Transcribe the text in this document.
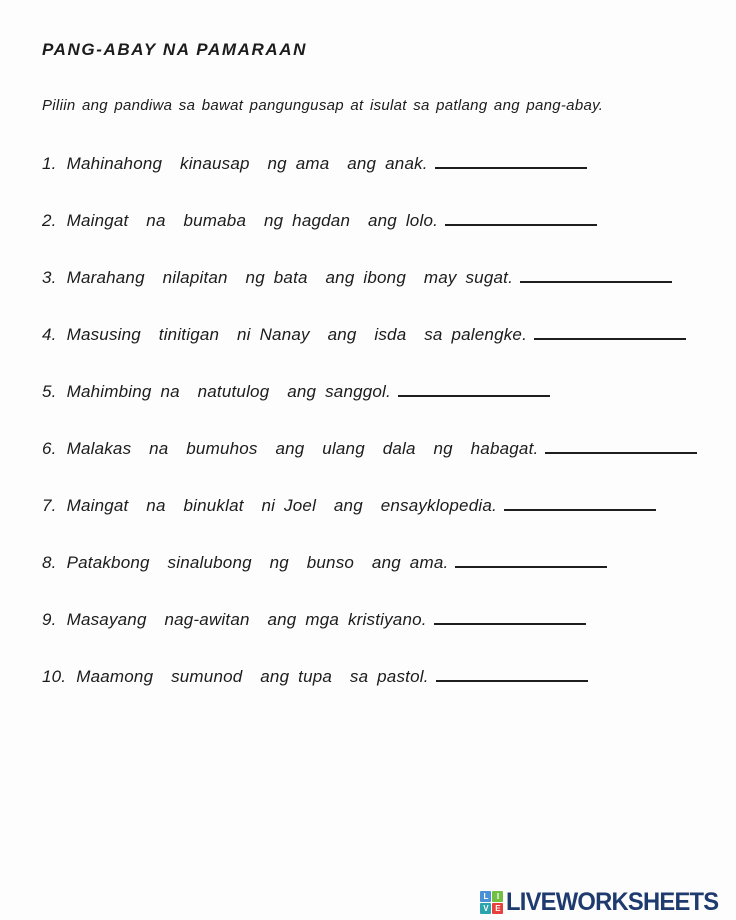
PANG-ABAY NA PAMARAAN
Piliin ang pandiwa sa bawat pangungusap at isulat sa patlang ang pang-abay.
1. Mahinahong  kinausap  ng ama  ang anak.
2. Maingat  na  bumaba  ng hagdan  ang lolo.
3. Marahang  nilapitan  ng bata  ang ibong  may sugat.
4. Masusing  tinitigan  ni Nanay  ang  isda  sa palengke.
5. Mahimbing na  natutulog  ang sanggol.
6. Malakas  na  bumuhos  ang  ulang  dala  ng  habagat.
7. Maingat  na  binuklat  ni Joel  ang  ensayklopedia.
8. Patakbong  sinalubong  ng  bunso  ang ama.
9. Masayang  nag-awitan  ang mga kristiyano.
10. Maamong  sumunod  ang tupa  sa pastol.
L	I
V E LIVEWORKSHEETS
